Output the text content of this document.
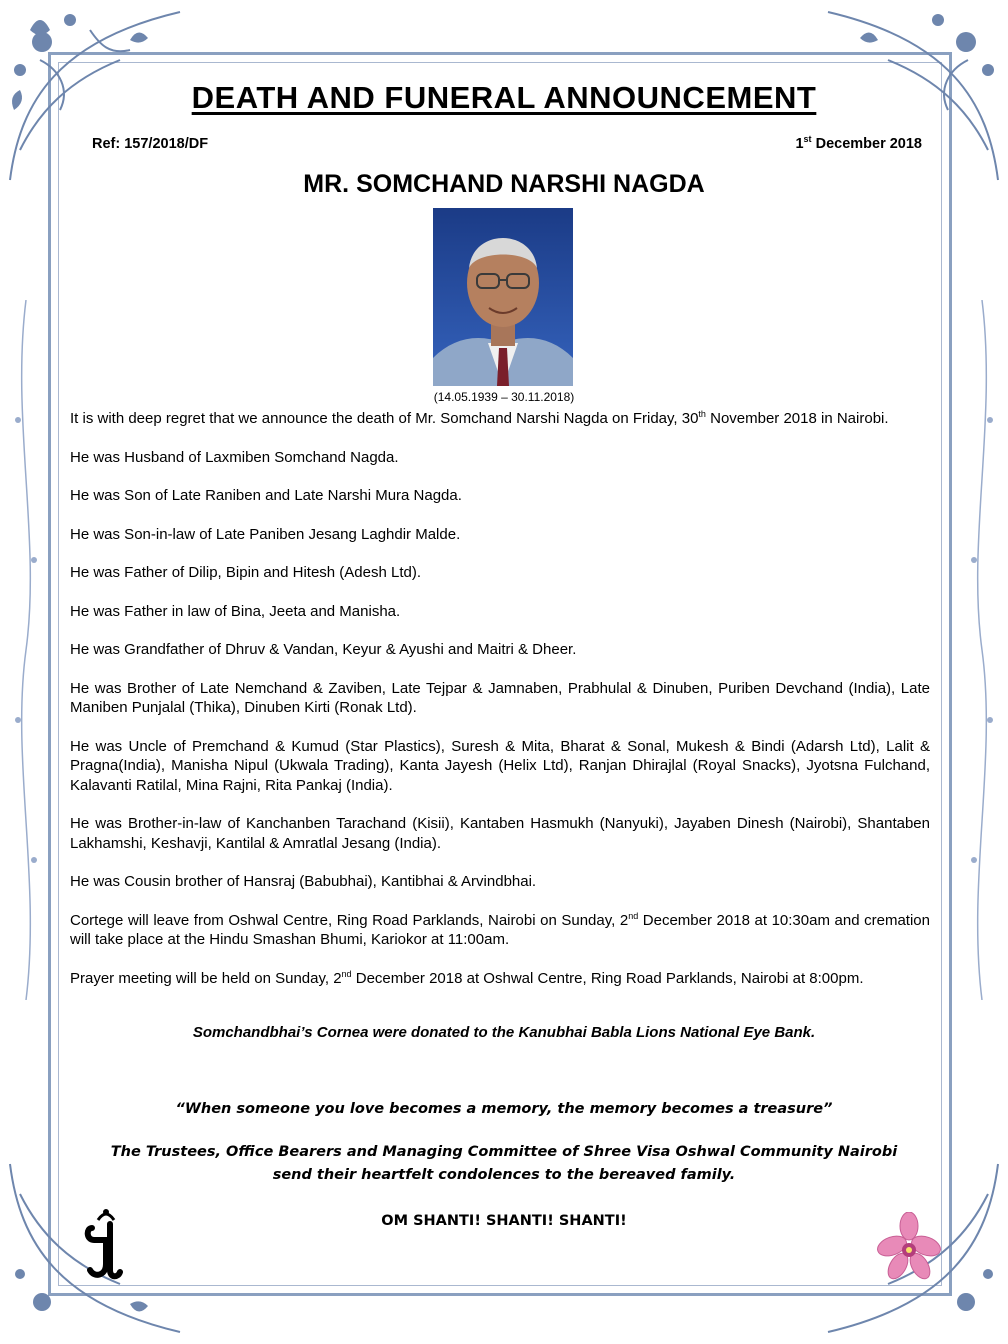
DEATH AND FUNERAL ANNOUNCEMENT
Ref: 157/2018/DF	1st December 2018
MR. SOMCHAND NARSHI NAGDA
(14.05.1939 – 30.11.2018)

It is with deep regret that we announce the death of Mr. Somchand Narshi Nagda on Friday, 30th November 2018 in Nairobi.

He was Husband of Laxmiben Somchand Nagda.

He was Son of Late Raniben and Late Narshi Mura Nagda.

He was Son-in-law of Late Paniben Jesang Laghdir Malde.

He was Father of Dilip, Bipin and Hitesh (Adesh Ltd).

He was Father in law of Bina, Jeeta and Manisha.

He was Grandfather of Dhruv & Vandan, Keyur & Ayushi and Maitri & Dheer.

He was Brother of Late Nemchand & Zaviben, Late Tejpar & Jamnaben, Prabhulal & Dinuben, Puriben Devchand (India), Late Maniben Punjalal (Thika), Dinuben Kirti (Ronak Ltd).

He was Uncle of Premchand & Kumud (Star Plastics), Suresh & Mita, Bharat & Sonal, Mukesh & Bindi (Adarsh Ltd), Lalit & Pragna(India), Manisha Nipul (Ukwala Trading), Kanta Jayesh (Helix Ltd), Ranjan Dhirajlal (Royal Snacks), Jyotsna Fulchand, Kalavanti Ratilal, Mina Rajni, Rita Pankaj (India).

He was Brother-in-law of Kanchanben Tarachand (Kisii), Kantaben Hasmukh (Nanyuki), Jayaben Dinesh (Nairobi), Shantaben Lakhamshi, Keshavji, Kantilal & Amratlal Jesang (India).

He was Cousin brother of Hansraj (Babubhai), Kantibhai & Arvindbhai.

Cortege will leave from Oshwal Centre, Ring Road Parklands, Nairobi on Sunday, 2nd December 2018 at 10:30am and cremation will take place at the Hindu Smashan Bhumi, Kariokor at 11:00am.

Prayer meeting will be held on Sunday, 2nd December 2018 at Oshwal Centre, Ring Road Parklands, Nairobi at 8:00pm.

Somchandbhai’s Cornea were donated to the Kanubhai Babla Lions National Eye Bank.
“When someone you love becomes a memory, the memory becomes a treasure”
The Trustees, Office Bearers and Managing Committee of Shree Visa Oshwal Community Nairobi
send their heartfelt condolences to the bereaved family.
OM SHANTI! SHANTI! SHANTI!
